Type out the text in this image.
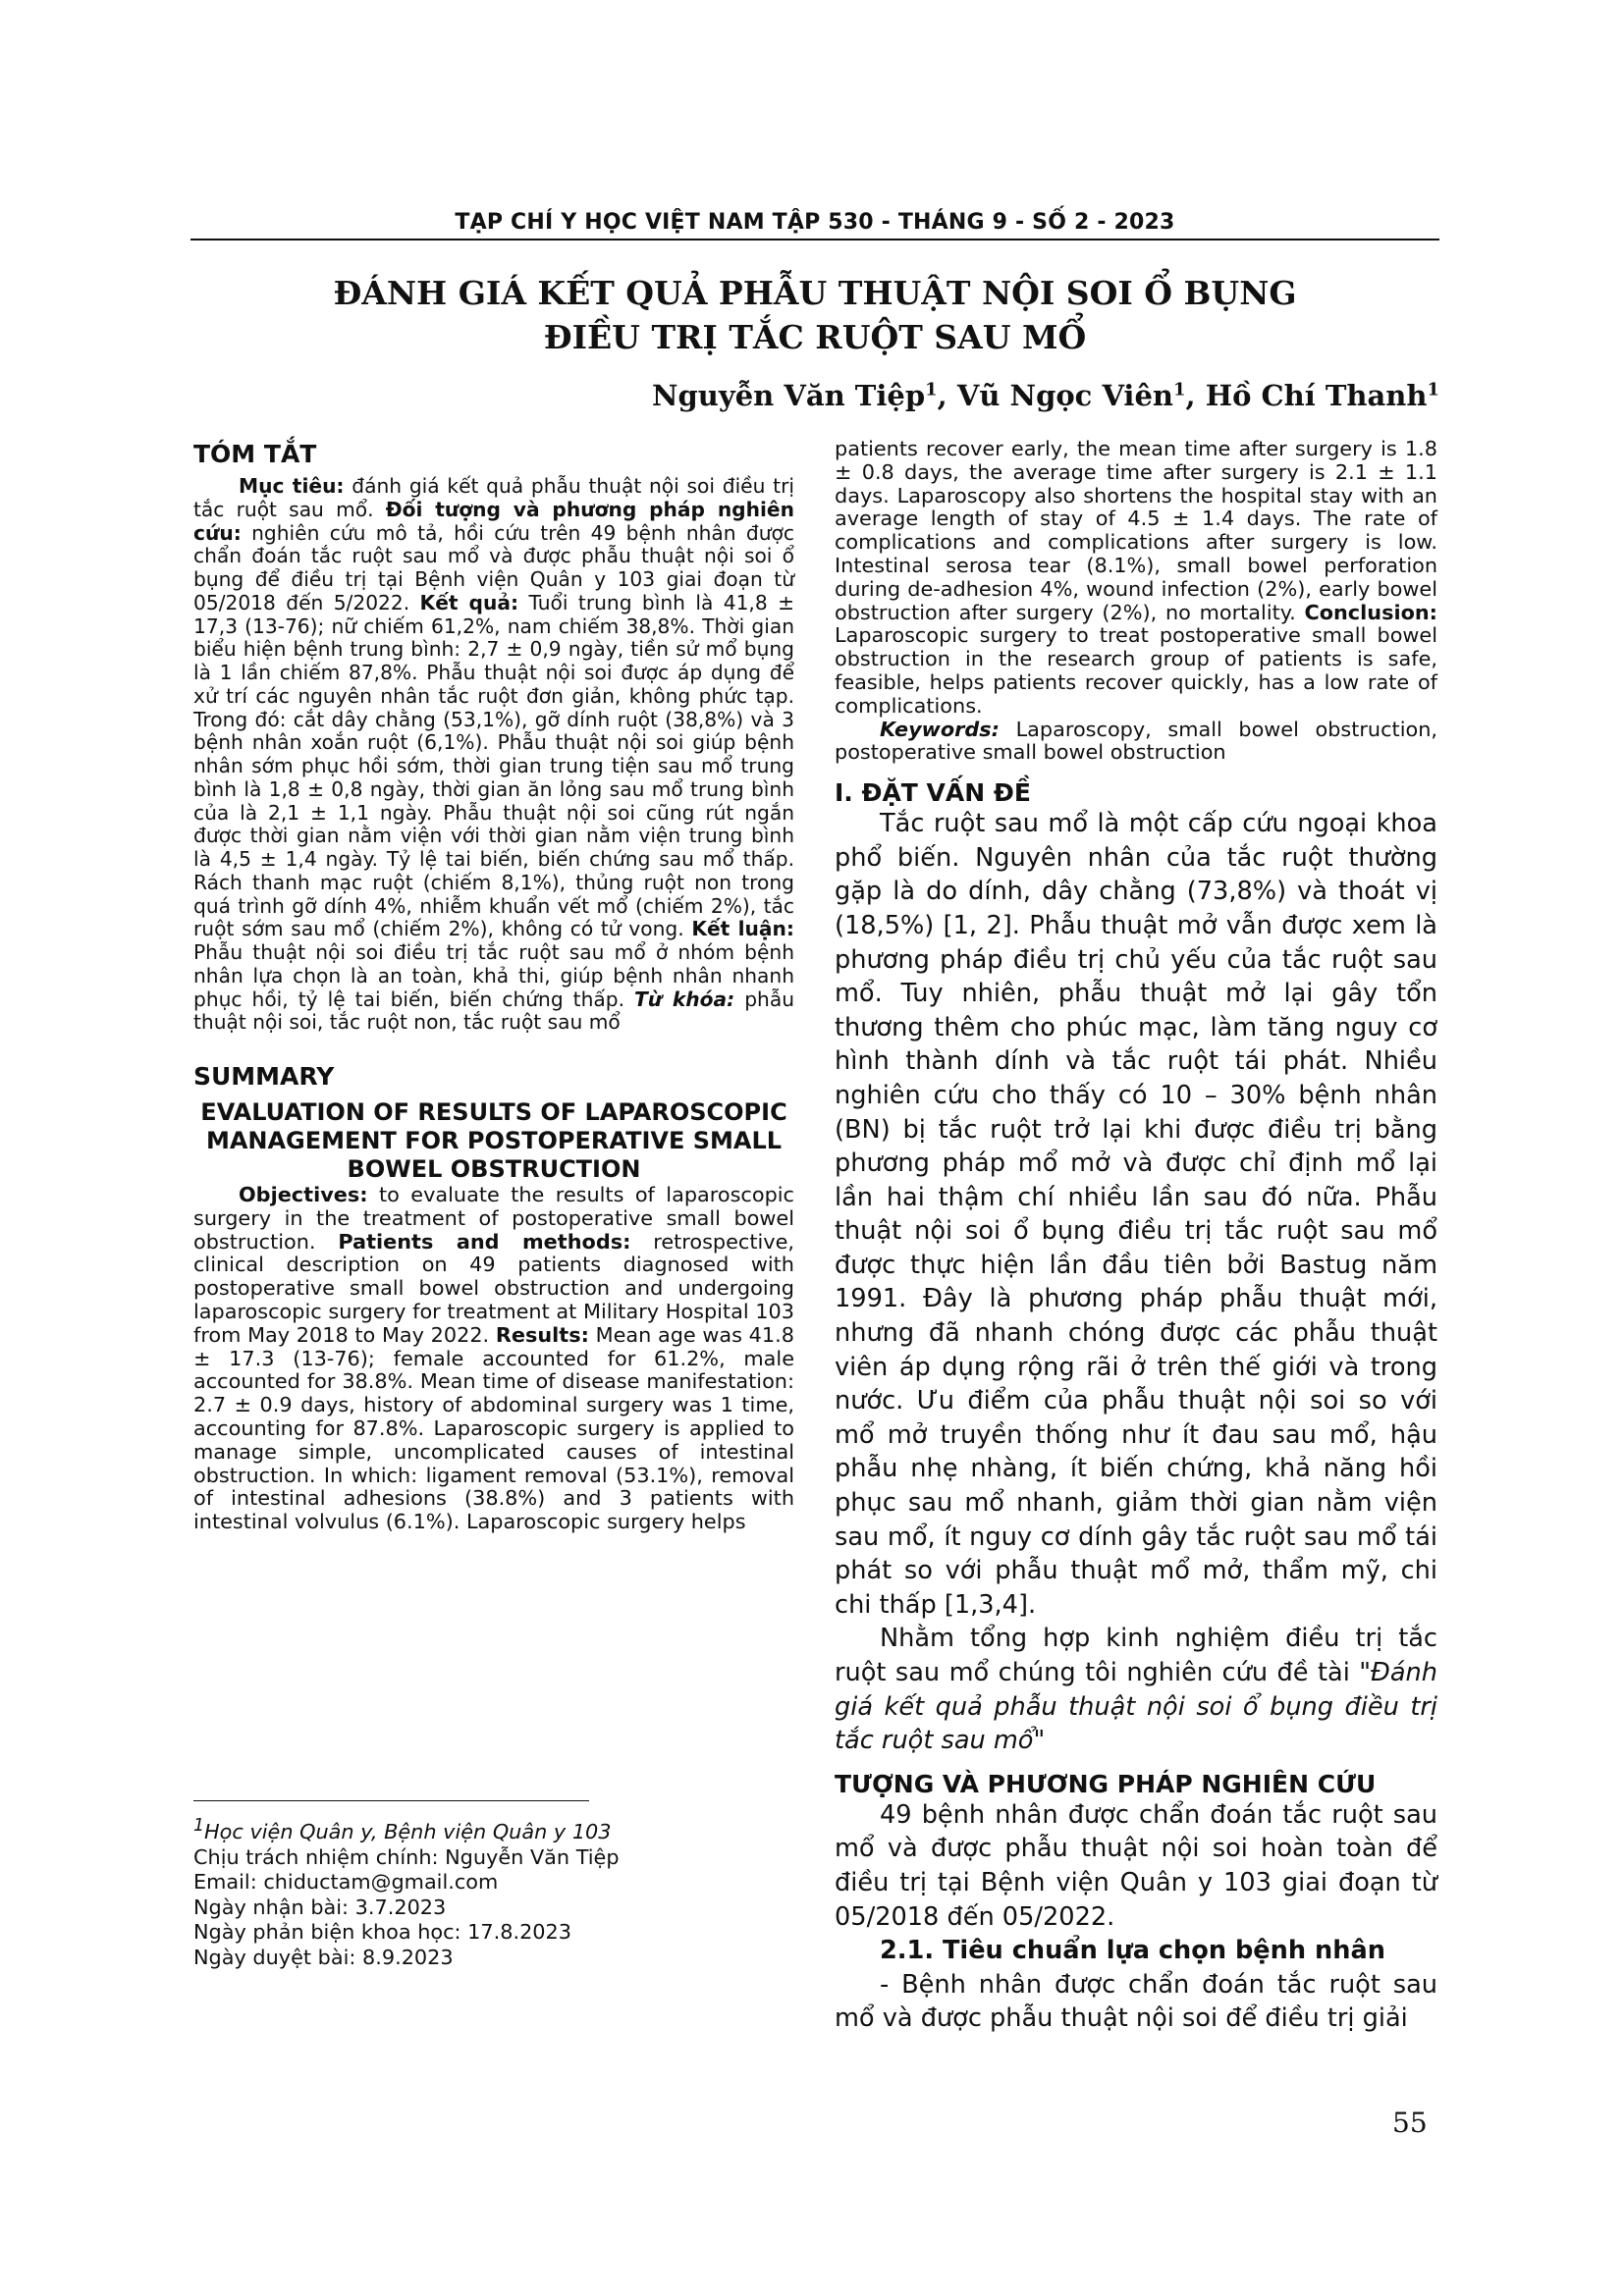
TẠP CHÍ Y HỌC VIỆT NAM TẬP 530 - THÁNG 9 - SỐ 2 - 2023
ĐÁNH GIÁ KẾT QUẢ PHẪU THUẬT NỘI SOI Ổ BỤNG
ĐIỀU TRỊ TẮC RUỘT SAU MỔ
Nguyễn Văn Tiệp$^1$, Vũ Ngọc Viên$^1$, Hồ Chí Thanh$^1$
TÓM TẮT

Mục tiêu: đánh giá kết quả phẫu thuật nội soi điều trị tắc ruột sau mổ. Đối tượng và phương pháp nghiên cứu: nghiên cứu mô tả, hồi cứu trên 49 bệnh nhân được chẩn đoán tắc ruột sau mổ và được phẫu thuật nội soi ổ bụng để điều trị tại Bệnh viện Quân y 103 giai đoạn từ 05/2018 đến 5/2022. Kết quả: Tuổi trung bình là 41,8 ± 17,3 (13-76); nữ chiếm 61,2%, nam chiếm 38,8%. Thời gian biểu hiện bệnh trung bình: 2,7 ± 0,9 ngày, tiền sử mổ bụng là 1 lần chiếm 87,8%. Phẫu thuật nội soi được áp dụng để xử trí các nguyên nhân tắc ruột đơn giản, không phức tạp. Trong đó: cắt dây chằng (53,1%), gỡ dính ruột (38,8%) và 3 bệnh nhân xoắn ruột (6,1%). Phẫu thuật nội soi giúp bệnh nhân sớm phục hồi sớm, thời gian trung tiện sau mổ trung bình là 1,8 ± 0,8 ngày, thời gian ăn lỏng sau mổ trung bình của là 2,1 ± 1,1 ngày. Phẫu thuật nội soi cũng rút ngắn được thời gian nằm viện với thời gian nằm viện trung bình là 4,5 ± 1,4 ngày. Tỷ lệ tai biến, biến chứng sau mổ thấp. Rách thanh mạc ruột (chiếm 8,1%), thủng ruột non trong quá trình gỡ dính 4%, nhiễm khuẩn vết mổ (chiếm 2%), tắc ruột sớm sau mổ (chiếm 2%), không có tử vong. Kết luận: Phẫu thuật nội soi điều trị tắc ruột sau mổ ở nhóm bệnh nhân lựa chọn là an toàn, khả thi, giúp bệnh nhân nhanh phục hồi, tỷ lệ tai biến, biến chứng thấp. Từ khóa: phẫu thuật nội soi, tắc ruột non, tắc ruột sau mổ

SUMMARY

EVALUATION OF RESULTS OF LAPAROSCOPIC MANAGEMENT FOR POSTOPERATIVE SMALL BOWEL OBSTRUCTION

Objectives: to evaluate the results of laparoscopic surgery in the treatment of postoperative small bowel obstruction. Patients and methods: retrospective, clinical description on 49 patients diagnosed with postoperative small bowel obstruction and undergoing laparoscopic surgery for treatment at Military Hospital 103 from May 2018 to May 2022. Results: Mean age was 41.8 ± 17.3 (13-76); female accounted for 61.2%, male accounted for 38.8%. Mean time of disease manifestation: 2.7 ± 0.9 days, history of abdominal surgery was 1 time, accounting for 87.8%. Laparoscopic surgery is applied to manage simple, uncomplicated causes of intestinal obstruction. In which: ligament removal (53.1%), removal of intestinal adhesions (38.8%) and 3 patients with intestinal volvulus (6.1%). Laparoscopic surgery helps

$^1$Học viện Quân y, Bệnh viện Quân y 103
Chịu trách nhiệm chính: Nguyễn Văn Tiệp
Email: chiductam@gmail.com
Ngày nhận bài: 3.7.2023
Ngày phản biện khoa học: 17.8.2023
Ngày duyệt bài: 8.9.2023

patients recover early, the mean time after surgery is 1.8 ± 0.8 days, the average time after surgery is 2.1 ± 1.1 days. Laparoscopy also shortens the hospital stay with an average length of stay of 4.5 ± 1.4 days. The rate of complications and complications after surgery is low. Intestinal serosa tear (8.1%), small bowel perforation during de-adhesion 4%, wound infection (2%), early bowel obstruction after surgery (2%), no mortality. Conclusion: Laparoscopic surgery to treat postoperative small bowel obstruction in the research group of patients is safe, feasible, helps patients recover quickly, has a low rate of complications.

Keywords: Laparoscopy, small bowel obstruction, postoperative small bowel obstruction

I. ĐẶT VẤN ĐỀ

Tắc ruột sau mổ là một cấp cứu ngoại khoa phổ biến. Nguyên nhân của tắc ruột thường gặp là do dính, dây chằng (73,8%) và thoát vị (18,5%) [1, 2]. Phẫu thuật mở vẫn được xem là phương pháp điều trị chủ yếu của tắc ruột sau mổ. Tuy nhiên, phẫu thuật mở lại gây tổn thương thêm cho phúc mạc, làm tăng nguy cơ hình thành dính và tắc ruột tái phát. Nhiều nghiên cứu cho thấy có 10 – 30% bệnh nhân (BN) bị tắc ruột trở lại khi được điều trị bằng phương pháp mổ mở và được chỉ định mổ lại lần hai thậm chí nhiều lần sau đó nữa. Phẫu thuật nội soi ổ bụng điều trị tắc ruột sau mổ được thực hiện lần đầu tiên bởi Bastug năm 1991. Đây là phương pháp phẫu thuật mới, nhưng đã nhanh chóng được các phẫu thuật viên áp dụng rộng rãi ở trên thế giới và trong nước. Ưu điểm của phẫu thuật nội soi so với mổ mở truyền thống như ít đau sau mổ, hậu phẫu nhẹ nhàng, ít biến chứng, khả năng hồi phục sau mổ nhanh, giảm thời gian nằm viện sau mổ, ít nguy cơ dính gây tắc ruột sau mổ tái phát so với phẫu thuật mổ mở, thẩm mỹ, chi chi thấp [1,3,4].

Nhằm tổng hợp kinh nghiệm điều trị tắc ruột sau mổ chúng tôi nghiên cứu đề tài "Đánh giá kết quả phẫu thuật nội soi ổ bụng điều trị tắc ruột sau mổ"

TƯỢNG VÀ PHƯƠNG PHÁP NGHIÊN CỨU

49 bệnh nhân được chẩn đoán tắc ruột sau mổ và được phẫu thuật nội soi hoàn toàn để điều trị tại Bệnh viện Quân y 103 giai đoạn từ 05/2018 đến 05/2022.

2.1. Tiêu chuẩn lựa chọn bệnh nhân

- Bệnh nhân được chẩn đoán tắc ruột sau mổ và được phẫu thuật nội soi để điều trị giải

55
